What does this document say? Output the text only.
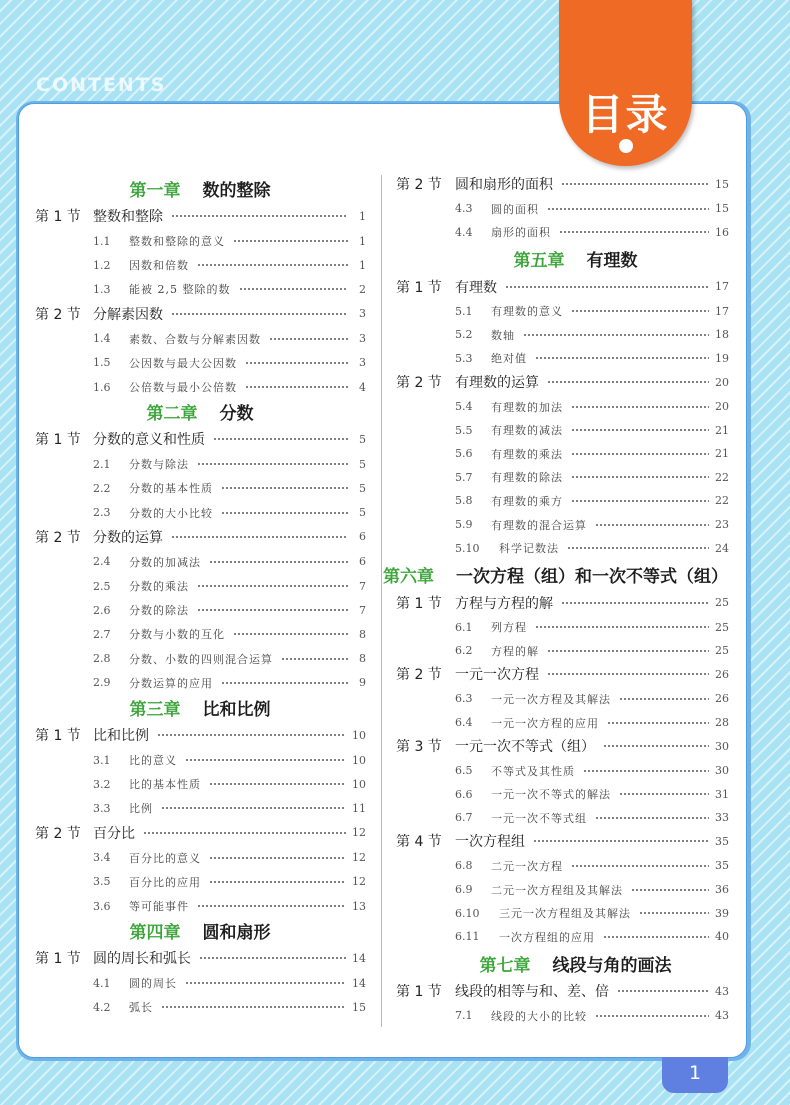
CONTENTS
目录
1
第一章 数的整除
第 1 节 整数和整除	1
1.1	整数和整除的意义	1
1.2	因数和倍数	1
1.3	能被 2,5 整除的数	2
第 2 节 分解素因数	3
1.4	素数、合数与分解素因数	3
1.5	公因数与最大公因数	3
1.6	公倍数与最小公倍数	4
第二章 分数
第 1 节 分数的意义和性质	5
2.1	分数与除法	5
2.2	分数的基本性质	5
2.3	分数的大小比较	5
第 2 节 分数的运算	6
2.4	分数的加减法	6
2.5	分数的乘法	7
2.6	分数的除法	7
2.7	分数与小数的互化	8
2.8	分数、小数的四则混合运算	8
2.9	分数运算的应用	9
第三章 比和比例
第 1 节 比和比例	10
3.1	比的意义	10
3.2	比的基本性质	10
3.3	比例	11
第 2 节 百分比	12
3.4	百分比的意义	12
3.5	百分比的应用	12
3.6	等可能事件	13
第四章 圆和扇形
第 1 节 圆的周长和弧长	14
4.1	圆的周长	14
4.2	弧长	15
第 2 节 圆和扇形的面积	15
4.3	圆的面积	15
4.4	扇形的面积	16
第五章 有理数
第 1 节 有理数	17
5.1	有理数的意义	17
5.2	数轴	18
5.3	绝对值	19
第 2 节 有理数的运算	20
5.4	有理数的加法	20
5.5	有理数的减法	21
5.6	有理数的乘法	21
5.7	有理数的除法	22
5.8	有理数的乘方	22
5.9	有理数的混合运算	23
5.10	科学记数法	24
第六章 一次方程（组）和一次不等式（组）
第 1 节 方程与方程的解	25
6.1	列方程	25
6.2	方程的解	25
第 2 节 一元一次方程	26
6.3	一元一次方程及其解法	26
6.4	一元一次方程的应用	28
第 3 节 一元一次不等式（组）	30
6.5	不等式及其性质	30
6.6	一元一次不等式的解法	31
6.7	一元一次不等式组	33
第 4 节 一次方程组	35
6.8	二元一次方程	35
6.9	二元一次方程组及其解法	36
6.10	三元一次方程组及其解法	39
6.11	一次方程组的应用	40
第七章 线段与角的画法
第 1 节 线段的相等与和、差、倍	43
7.1	线段的大小的比较	43
